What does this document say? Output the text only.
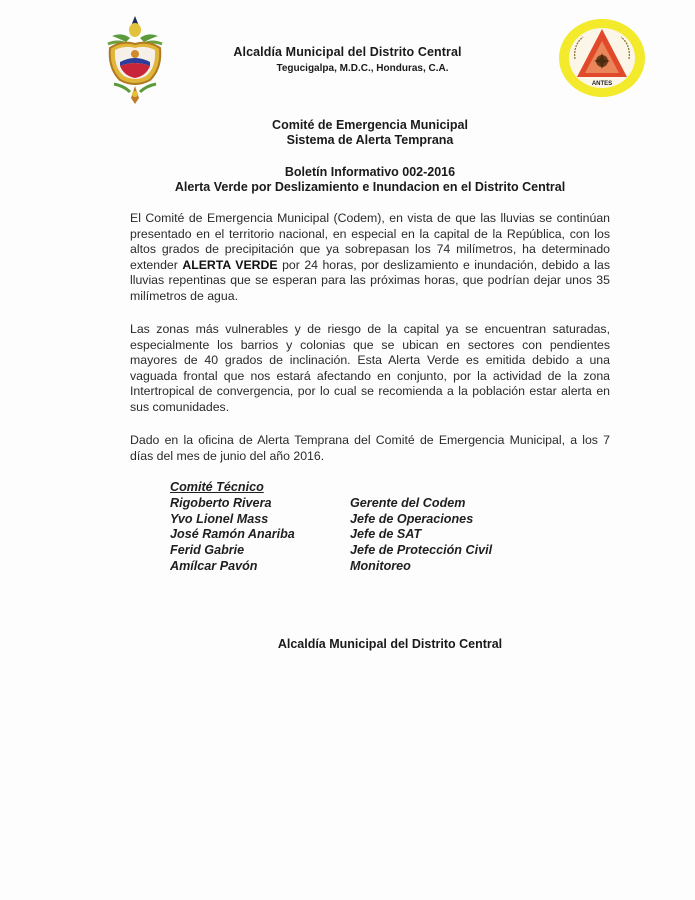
ANTES
Alcaldía Municipal del Distrito Central
Tegucigalpa, M.D.C., Honduras, C.A.
Comité de Emergencia Municipal
Sistema de Alerta Temprana
Boletín Informativo 002-2016
Alerta Verde por Deslizamiento e Inundacion en el Distrito Central
El Comité de Emergencia Municipal (Codem), en vista de que las lluvias se continúan presentado en el territorio nacional, en especial en la capital de la República, con los altos grados de precipitación que ya sobrepasan los 74 milímetros, ha determinado extender ALERTA VERDE por 24 horas, por deslizamiento e inundación, debido a las lluvias repentinas que se esperan para las próximas horas, que podrían dejar unos 35 milímetros de agua.
Las zonas más vulnerables y de riesgo de la capital ya se encuentran saturadas, especialmente los barrios y colonias que se ubican en sectores con pendientes mayores de 40 grados de inclinación. Esta Alerta Verde es emitida debido a una vaguada frontal que nos estará afectando en conjunto, por la actividad de la zona Intertropical de convergencia, por lo cual se recomienda a la población estar alerta en sus comunidades.
Dado en la oficina de Alerta Temprana del Comité de Emergencia Municipal, a los 7 días del mes de junio del año 2016.
Comité Técnico
Rigoberto Rivera	Gerente del Codem
Yvo Lionel Mass	Jefe de Operaciones
José Ramón Anariba	Jefe de SAT
Ferid Gabrie	Jefe de Protección Civil
Amílcar Pavón	Monitoreo
Alcaldía Municipal del Distrito Central
